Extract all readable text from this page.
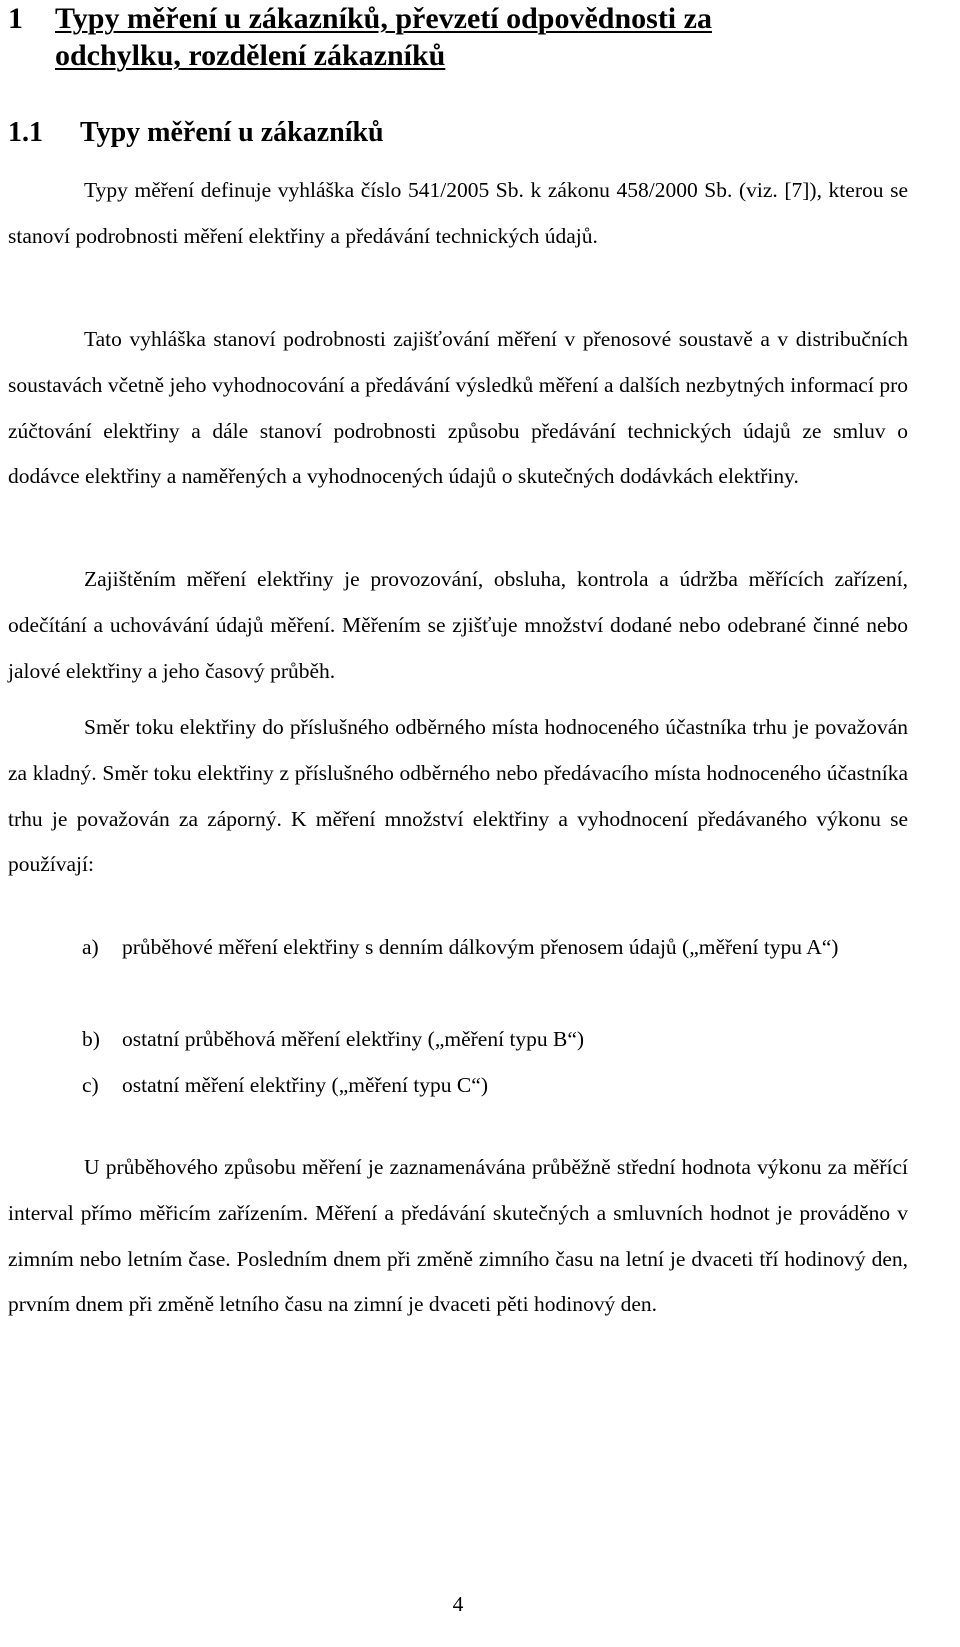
1 Typy měření u zákazníků, převzetí odpovědnosti za
odchylku, rozdělení zákazníků
1.1 Typy měření u zákazníků

Typy měření definuje vyhláška číslo 541/2005 Sb. k zákonu 458/2000 Sb. (viz. [7]), kterou se stanoví podrobnosti měření elektřiny a předávání technických údajů.

Tato vyhláška stanoví podrobnosti zajišťování měření v přenosové soustavě a v distribučních soustavách včetně jeho vyhodnocování a předávání výsledků měření a dalších nezbytných informací pro zúčtování elektřiny a dále stanoví podrobnosti způsobu předávání technických údajů ze smluv o dodávce elektřiny a naměřených a vyhodnocených údajů o skutečných dodávkách elektřiny.

Zajištěním měření elektřiny je provozování, obsluha, kontrola a údržba měřících zařízení, odečítání a uchovávání údajů měření. Měřením se zjišťuje množství dodané nebo odebrané činné nebo jalové elektřiny a jeho časový průběh.

Směr toku elektřiny do příslušného odběrného místa hodnoceného účastníka trhu je považován za kladný. Směr toku elektřiny z příslušného odběrného nebo předávacího místa hodnoceného účastníka trhu je považován za záporný. K měření množství elektřiny a vyhodnocení předávaného výkonu se používají:

a)	průběhové měření elektřiny s denním dálkovým přenosem údajů („měření typu A“)
b)	ostatní průběhová měření elektřiny („měření typu B“)
c)	ostatní měření elektřiny („měření typu C“)

U průběhového způsobu měření je zaznamenávána průběžně střední hodnota výkonu za měřící interval přímo měřicím zařízením. Měření a předávání skutečných a smluvních hodnot je prováděno v zimním nebo letním čase. Posledním dnem při změně zimního času na letní je dvaceti tří hodinový den, prvním dnem při změně letního času na zimní je dvaceti pěti hodinový den.

4
